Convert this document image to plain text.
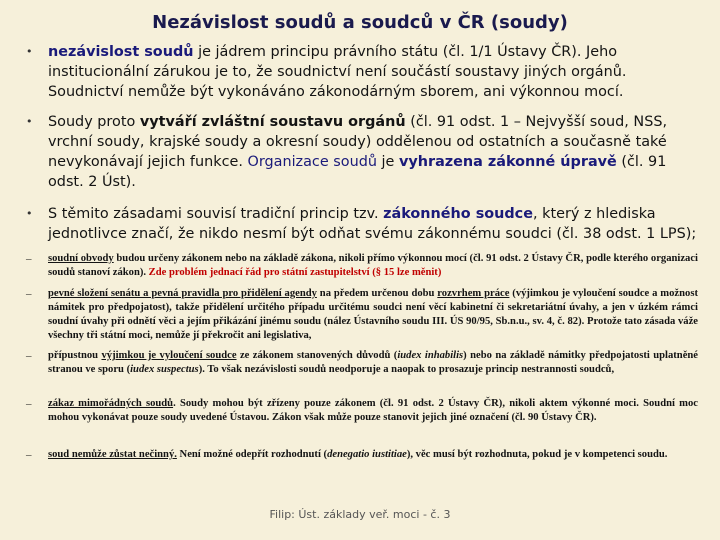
Nezávislost soudů a soudců v ČR (soudy)
• nezávislost soudů je jádrem principu právního státu (čl. 1/1 Ústavy ČR). Jeho institucionální zárukou je to, že soudnictví není součástí soustavy jiných orgánů. Soudnictví nemůže být vykonáváno zákonodárným sborem, ani výkonnou mocí.
• Soudy proto vytváří zvláštní soustavu orgánů (čl. 91 odst. 1 – Nejvyšší soud, NSS, vrchní soudy, krajské soudy a okresní soudy) oddělenou od ostatních a současně také nevykonávají jejich funkce. Organizace soudů je vyhrazena zákonné úpravě (čl. 91 odst. 2 Úst).
• S těmito zásadami souvisí tradiční princip tzv. zákonného soudce, který z hlediska jednotlivce značí, že nikdo nesmí být odňat svému zákonnému soudci (čl. 38 odst. 1 LPS);
– soudní obvody budou určeny zákonem nebo na základě zákona, nikoli přímo výkonnou mocí (čl. 91 odst. 2 Ústavy ČR, podle kterého organizaci soudů stanoví zákon). Zde problém jednací řád pro státní zastupitelství (§ 15 lze měnit)
– pevné složení senátu a pevná pravidla pro přidělení agendy na předem určenou dobu rozvrhem práce (výjimkou je vyloučení soudce a možnost námitek pro předpojatost), takže přidělení určitého případu určitému soudci není věcí kabinetní či sekretariátní úvahy, a jen v úzkém rámci soudní úvahy při odnětí věci a jejím přikázání jinému soudu (nález Ústavního soudu III. ÚS 90/95, Sb.n.u., sv. 4, č. 82). Protože tato zásada váže všechny tři státní moci, nemůže jí překročit ani legislativa,
– přípustnou výjimkou je vyloučení soudce ze zákonem stanovených důvodů (iudex inhabilis) nebo na základě námitky předpojatosti uplatněné stranou ve sporu (iudex suspectus). To však nezávislosti soudů neodporuje a naopak to prosazuje princip nestrannosti soudců,
– zákaz mimořádných soudů. Soudy mohou být zřízeny pouze zákonem (čl. 91 odst. 2 Ústavy ČR), nikoli aktem výkonné moci. Soudní moc mohou vykonávat pouze soudy uvedené Ústavou. Zákon však může pouze stanovit jejich jiné označení (čl. 90 Ústavy ČR).
– soud nemůže zůstat nečinný. Není možné odepřít rozhodnutí (denegatio iustitiae), věc musí být rozhodnuta, pokud je v kompetenci soudu.
Filip: Úst. základy veř. moci - č. 3
